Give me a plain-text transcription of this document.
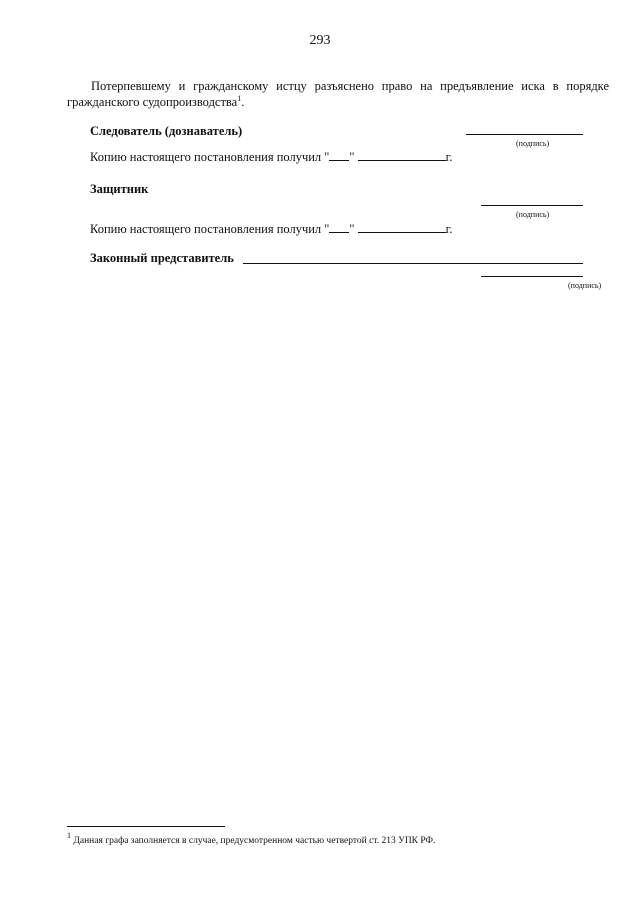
293
Потерпевшему и гражданскому истцу разъяснено право на предъявление иска в порядке гражданского судопроизводства$^1$.
Следователь (дознаватель)
(подпись)
Копию настоящего постановления получил " "	г.
Защитник
(подпись)
Копию настоящего постановления получил " "	г.
Законный представитель
(подпись)
$^1$ Данная графа заполняется в случае, предусмотренном частью четвертой ст. 213 УПК РФ.
